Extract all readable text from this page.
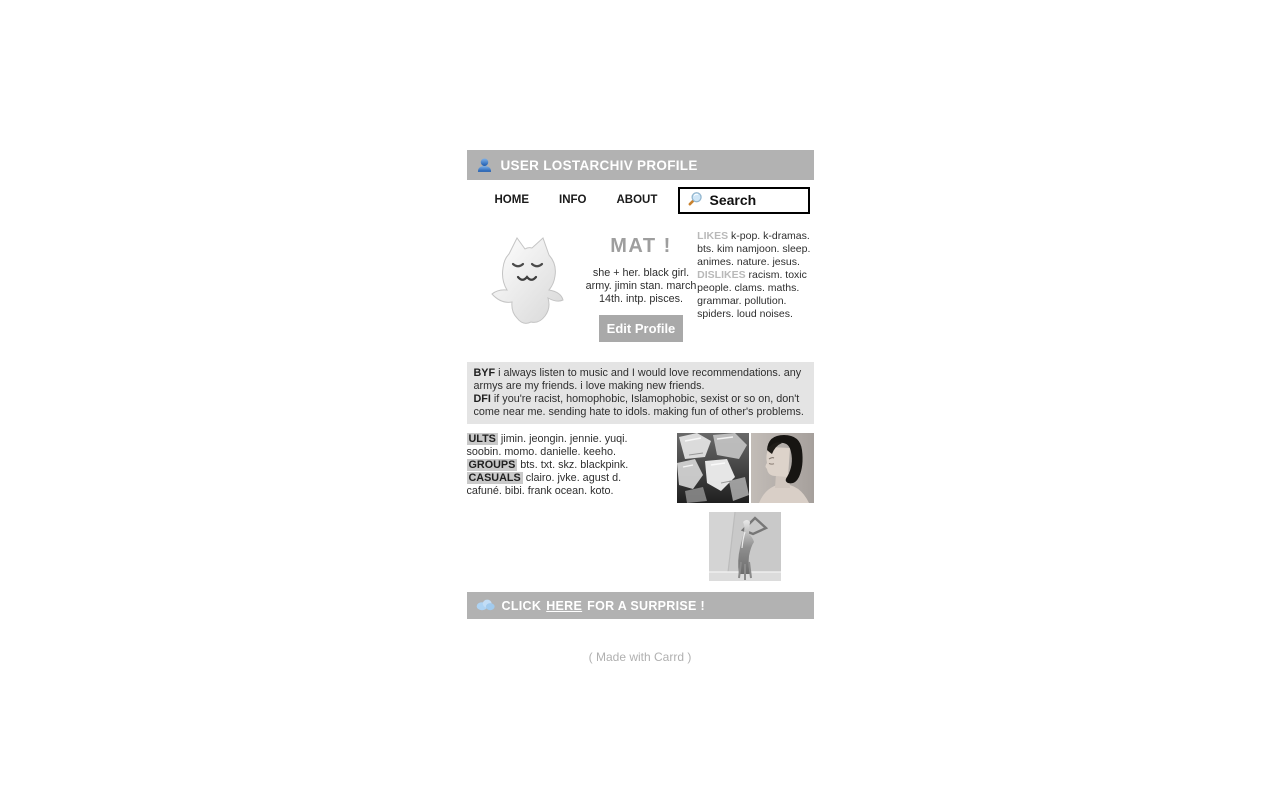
USER LOSTARCHIV PROFILE
HOME	INFO	ABOUT	Search
MAT !
she + her. black girl. army. jimin stan. march 14th. intp. pisces.
Edit Profile

LIKES k-pop. k-dramas. bts. kim namjoon. sleep. animes. nature. jesus.

DISLIKES racism. toxic people. clams. maths. grammar. pollution. spiders. loud noises.

BYF i always listen to music and I would love recommendations. any armys are my friends. i love making new friends.

DFI if you're racist, homophobic, Islamophobic, sexist or so on, don't come near me. sending hate to idols. making fun of other's problems.

ULTS jimin. jeongin. jennie. yuqi. soobin. momo. danielle. keeho.
GROUPS bts. txt. skz. blackpink.
CASUALS clairo. jvke. agust d. cafuné. bibi. frank ocean. koto.
CLICK HERE FOR A SURPRISE !
( Made with Carrd )
